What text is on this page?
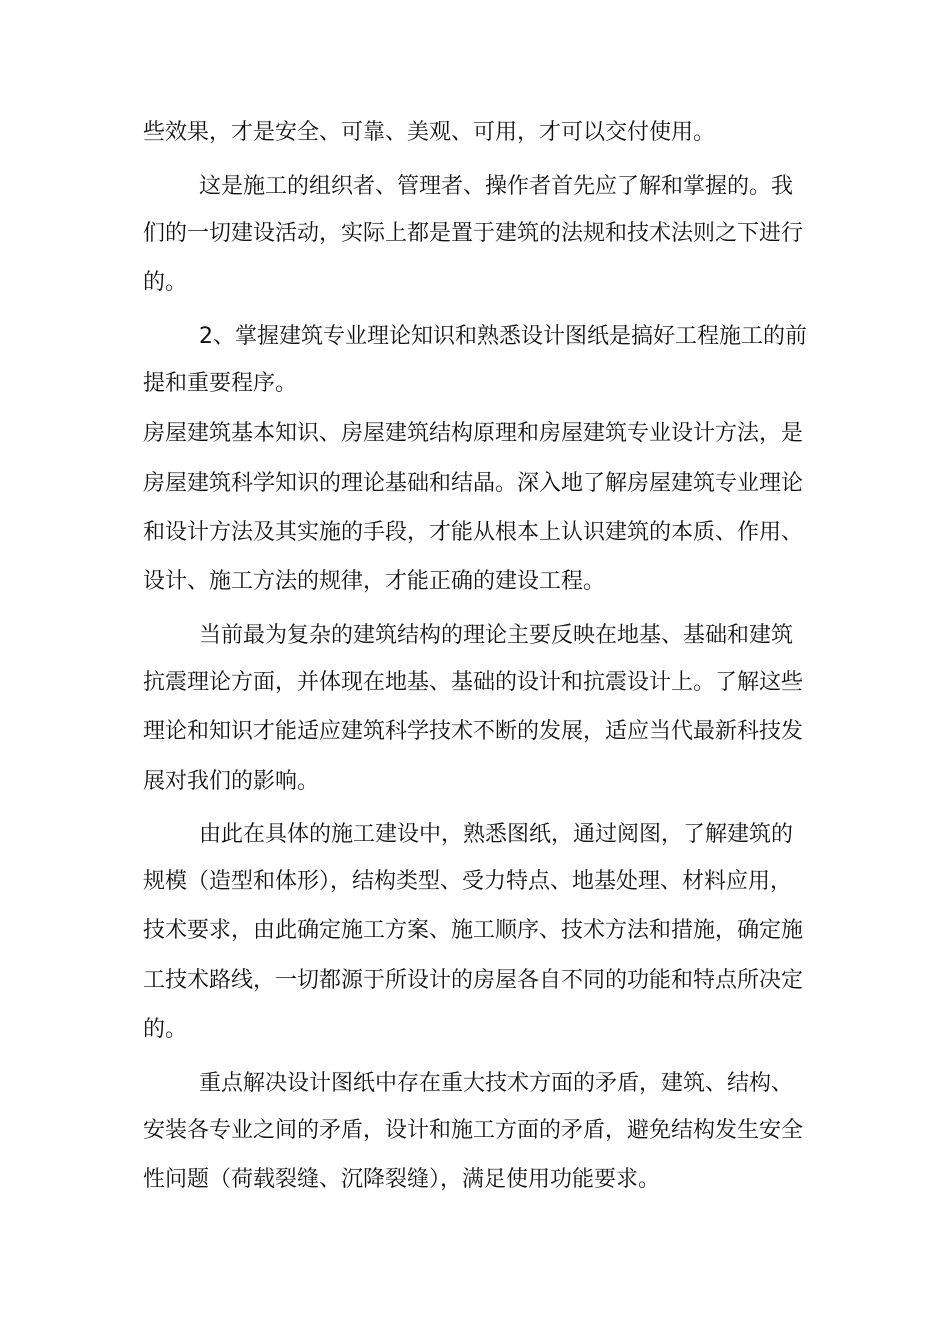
些效果，才是安全、可靠、美观、可用，才可以交付使用。
这是施工的组织者、管理者、操作者首先应了解和掌握的。我
们的一切建设活动，实际上都是置于建筑的法规和技术法则之下进行
的。
2、掌握建筑专业理论知识和熟悉设计图纸是搞好工程施工的前
提和重要程序。
房屋建筑基本知识、房屋建筑结构原理和房屋建筑专业设计方法，是
房屋建筑科学知识的理论基础和结晶。深入地了解房屋建筑专业理论
和设计方法及其实施的手段，才能从根本上认识建筑的本质、作用、
设计、施工方法的规律，才能正确的建设工程。
当前最为复杂的建筑结构的理论主要反映在地基、基础和建筑
抗震理论方面，并体现在地基、基础的设计和抗震设计上。了解这些
理论和知识才能适应建筑科学技术不断的发展，适应当代最新科技发
展对我们的影响。
由此在具体的施工建设中，熟悉图纸，通过阅图，了解建筑的
规模（造型和体形），结构类型、受力特点、地基处理、材料应用，
技术要求，由此确定施工方案、施工顺序、技术方法和措施，确定施
工技术路线，一切都源于所设计的房屋各自不同的功能和特点所决定
的。
重点解决设计图纸中存在重大技术方面的矛盾，建筑、结构、
安装各专业之间的矛盾，设计和施工方面的矛盾，避免结构发生安全
性问题（荷载裂缝、沉降裂缝），满足使用功能要求。
